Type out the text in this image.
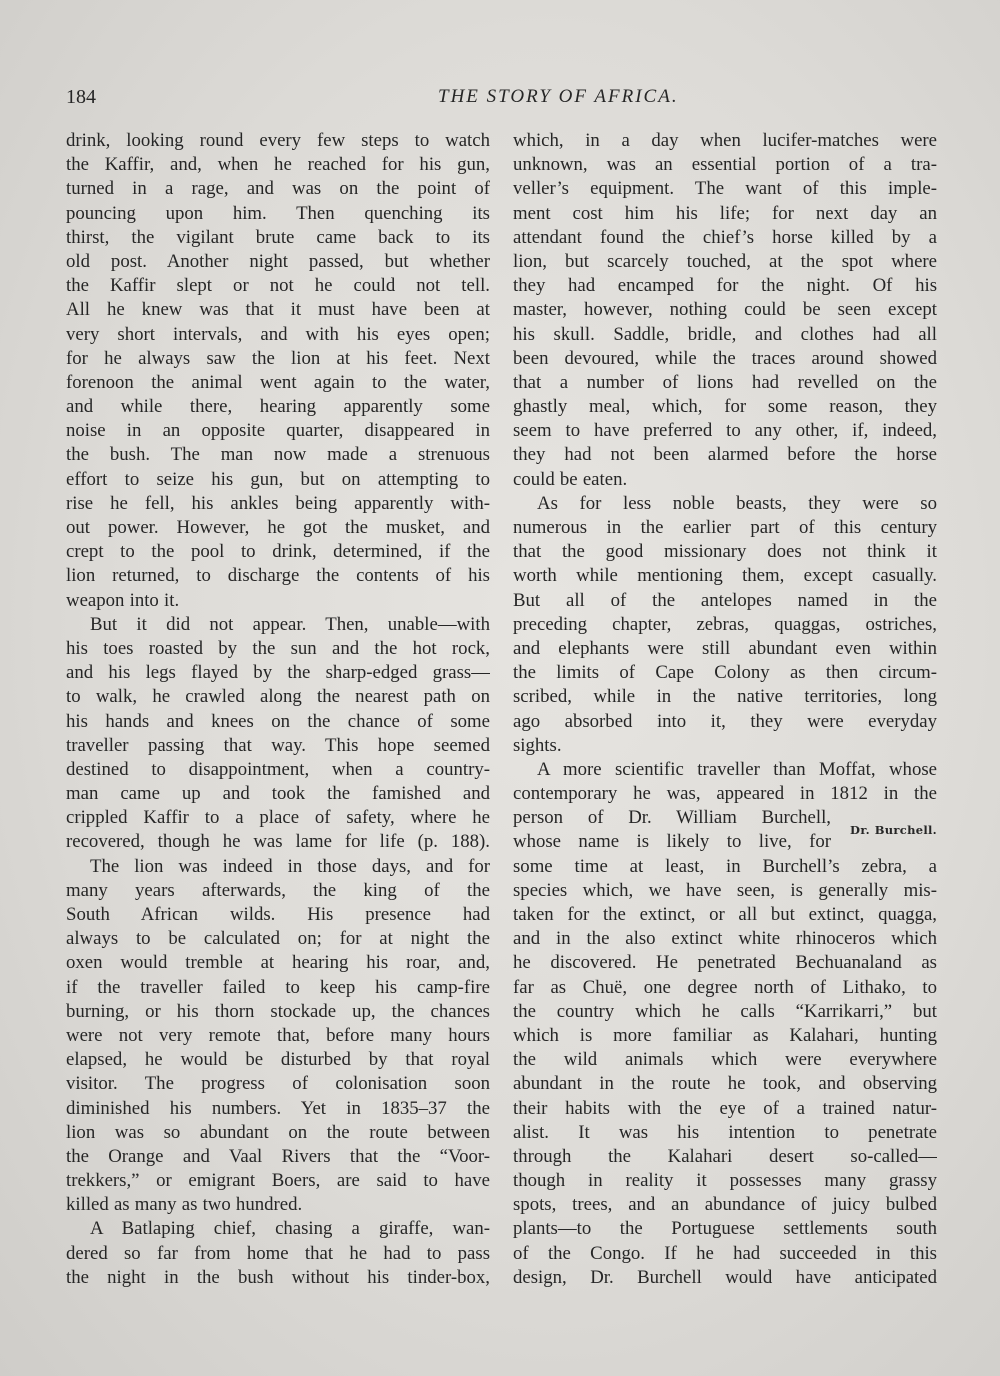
184	THE STORY OF AFRICA.
drink, looking round every few steps to watch
the Kaffir, and, when he reached for his gun,
turned in a rage, and was on the point of
pouncing upon him. Then quenching its
thirst, the vigilant brute came back to its
old post. Another night passed, but whether
the Kaffir slept or not he could not tell.
All he knew was that it must have been at
very short intervals, and with his eyes open;
for he always saw the lion at his feet. Next
forenoon the animal went again to the water,
and while there, hearing apparently some
noise in an opposite quarter, disappeared in
the bush. The man now made a strenuous
effort to seize his gun, but on attempting to
rise he fell, his ankles being apparently with-
out power. However, he got the musket, and
crept to the pool to drink, determined, if the
lion returned, to discharge the contents of his
weapon into it.
But it did not appear. Then, unable—with
his toes roasted by the sun and the hot rock,
and his legs flayed by the sharp-edged grass—
to walk, he crawled along the nearest path on
his hands and knees on the chance of some
traveller passing that way. This hope seemed
destined to disappointment, when a country-
man came up and took the famished and
crippled Kaffir to a place of safety, where he
recovered, though he was lame for life (p. 188).
The lion was indeed in those days, and for
many years afterwards, the king of the
South African wilds. His presence had
always to be calculated on; for at night the
oxen would tremble at hearing his roar, and,
if the traveller failed to keep his camp-fire
burning, or his thorn stockade up, the chances
were not very remote that, before many hours
elapsed, he would be disturbed by that royal
visitor. The progress of colonisation soon
diminished his numbers. Yet in 1835–37 the
lion was so abundant on the route between
the Orange and Vaal Rivers that the “Voor-
trekkers,” or emigrant Boers, are said to have
killed as many as two hundred.
A Batlaping chief, chasing a giraffe, wan-
dered so far from home that he had to pass
the night in the bush without his tinder-box,
which, in a day when lucifer-matches were
unknown, was an essential portion of a tra-
veller’s equipment. The want of this imple-
ment cost him his life; for next day an
attendant found the chief’s horse killed by a
lion, but scarcely touched, at the spot where
they had encamped for the night. Of his
master, however, nothing could be seen except
his skull. Saddle, bridle, and clothes had all
been devoured, while the traces around showed
that a number of lions had revelled on the
ghastly meal, which, for some reason, they
seem to have preferred to any other, if, indeed,
they had not been alarmed before the horse
could be eaten.
As for less noble beasts, they were so
numerous in the earlier part of this century
that the good missionary does not think it
worth while mentioning them, except casually.
But all of the antelopes named in the
preceding chapter, zebras, quaggas, ostriches,
and elephants were still abundant even within
the limits of Cape Colony as then circum-
scribed, while in the native territories, long
ago absorbed into it, they were everyday
sights.
A more scientific traveller than Moffat, whose
contemporary he was, appeared in 1812 in the
person of Dr. William Burchell,
whose name is likely to live, for
Dr. Burchell.
some time at least, in Burchell’s zebra, a
species which, we have seen, is generally mis-
taken for the extinct, or all but extinct, quagga,
and in the also extinct white rhinoceros which
he discovered. He penetrated Bechuanaland as
far as Chuë, one degree north of Lithako, to
the country which he calls “Karrikarri,” but
which is more familiar as Kalahari, hunting
the wild animals which were everywhere
abundant in the route he took, and observing
their habits with the eye of a trained natur-
alist. It was his intention to penetrate
through the Kalahari desert so-called—
though in reality it possesses many grassy
spots, trees, and an abundance of juicy bulbed
plants—to the Portuguese settlements south
of the Congo. If he had succeeded in this
design, Dr. Burchell would have anticipated
